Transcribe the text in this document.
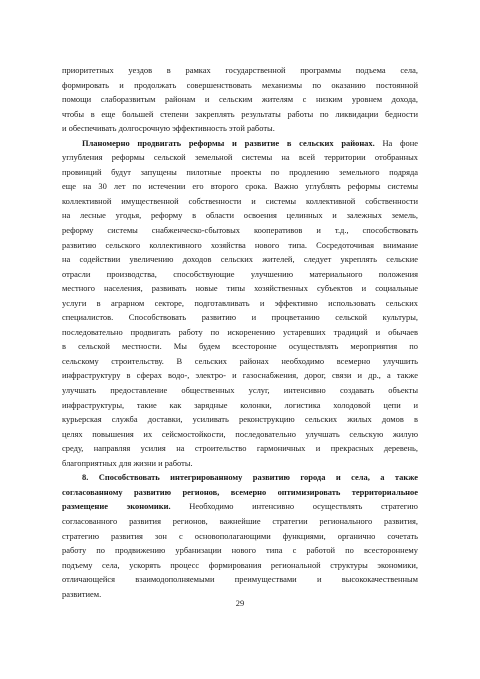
приоритетных уездов в рамках государственной программы подъема села,
формировать и продолжать совершенствовать механизмы по оказанию постоянной
помощи слаборазвитым районам и сельским жителям с низким уровнем дохода,
чтобы в еще большей степени закреплять результаты работы по ликвидации бедности
и обеспечивать долгосрочную эффективность этой работы.
Планомерно продвигать реформы и развитие в сельских районах. На фоне
углубления реформы сельской земельной системы на всей территории отобранных
провинций будут запущены пилотные проекты по продлению земельного подряда
еще на 30 лет по истечении его второго срока. Важно углублять реформы системы
коллективной имущественной собственности и системы коллективной собственности
на лесные угодья, реформу в области освоения целинных и залежных земель,
реформу системы снабженческо-сбытовых кооперативов и т.д., способствовать
развитию сельского коллективного хозяйства нового типа. Сосредоточивая внимание
на содействии увеличению доходов сельских жителей, следует укреплять сельские
отрасли производства, способствующие улучшению материального положения
местного населения, развивать новые типы хозяйственных субъектов и социальные
услуги в аграрном секторе, подготавливать и эффективно использовать сельских
специалистов. Способствовать развитию и процветанию сельской культуры,
последовательно продвигать работу по искоренению устаревших традиций и обычаев
в сельской местности. Мы будем всесторонне осуществлять мероприятия по
сельскому строительству. В сельских районах необходимо всемерно улучшить
инфраструктуру в сферах водо-, электро- и газоснабжения, дорог, связи и др., а также
улучшать предоставление общественных услуг, интенсивно создавать объекты
инфраструктуры, такие как зарядные колонки, логистика холодовой цепи и
курьерская служба доставки, усиливать реконструкцию сельских жилых домов в
целях повышения их сейсмостойкости, последовательно улучшать сельскую жилую
среду, направляя усилия на строительство гармоничных и прекрасных деревень,
благоприятных для жизни и работы.
8. Способствовать интегрированному развитию города и села, а также
согласованному развитию регионов, всемерно оптимизировать территориальное
размещение экономики. Необходимо интенсивно осуществлять стратегию
согласованного развития регионов, важнейшие стратегии регионального развития,
стратегию развития зон с основополагающими функциями, органично сочетать
работу по продвижению урбанизации нового типа с работой по всестороннему
подъему села, ускорять процесс формирования региональной структуры экономики,
отличающейся взаимодополняемыми преимуществами и высококачественным
развитием.
29
